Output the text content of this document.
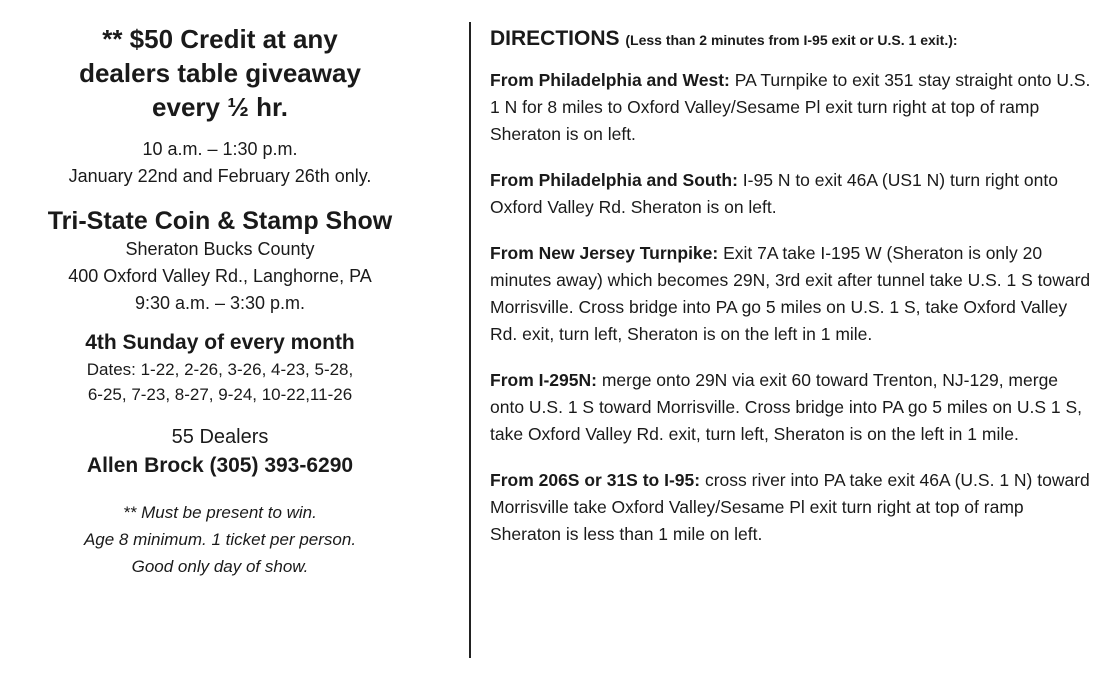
** $50 Credit at any
dealers table giveaway
every ½ hr.
10 a.m. – 1:30 p.m.
January 22nd and February 26th only.
Tri-State Coin & Stamp Show
Sheraton Bucks County
400 Oxford Valley Rd., Langhorne, PA
9:30 a.m. – 3:30 p.m.
4th Sunday of every month
Dates: 1-22, 2-26, 3-26, 4-23, 5-28,
6-25, 7-23, 8-27, 9-24, 10-22,11-26
55 Dealers
Allen Brock (305) 393-6290
** Must be present to win.
Age 8 minimum. 1 ticket per person.
Good only day of show.
DIRECTIONS (Less than 2 minutes from I-95 exit or U.S. 1 exit.):

From Philadelphia and West: PA Turnpike to exit 351 stay straight onto U.S. 1 N for 8 miles to Oxford Valley/Sesame Pl exit turn right at top of ramp Sheraton is on left.

From Philadelphia and South: I-95 N to exit 46A (US1 N) turn right onto Oxford Valley Rd. Sheraton is on left.

From New Jersey Turnpike: Exit 7A take I-195 W (Sheraton is only 20 minutes away) which becomes 29N, 3rd exit after tunnel take U.S. 1 S toward Morrisville. Cross bridge into PA go 5 miles on U.S. 1 S, take Oxford Valley Rd. exit, turn left, Sheraton is on the left in 1 mile.

From I-295N: merge onto 29N via exit 60 toward Trenton, NJ-129, merge onto U.S. 1 S toward Morrisville. Cross bridge into PA go 5 miles on U.S 1 S, take Oxford Valley Rd. exit, turn left, Sheraton is on the left in 1 mile.

From 206S or 31S to I-95: cross river into PA take exit 46A (U.S. 1 N) toward Morrisville take Oxford Valley/Sesame Pl exit turn right at top of ramp Sheraton is less than 1 mile on left.
